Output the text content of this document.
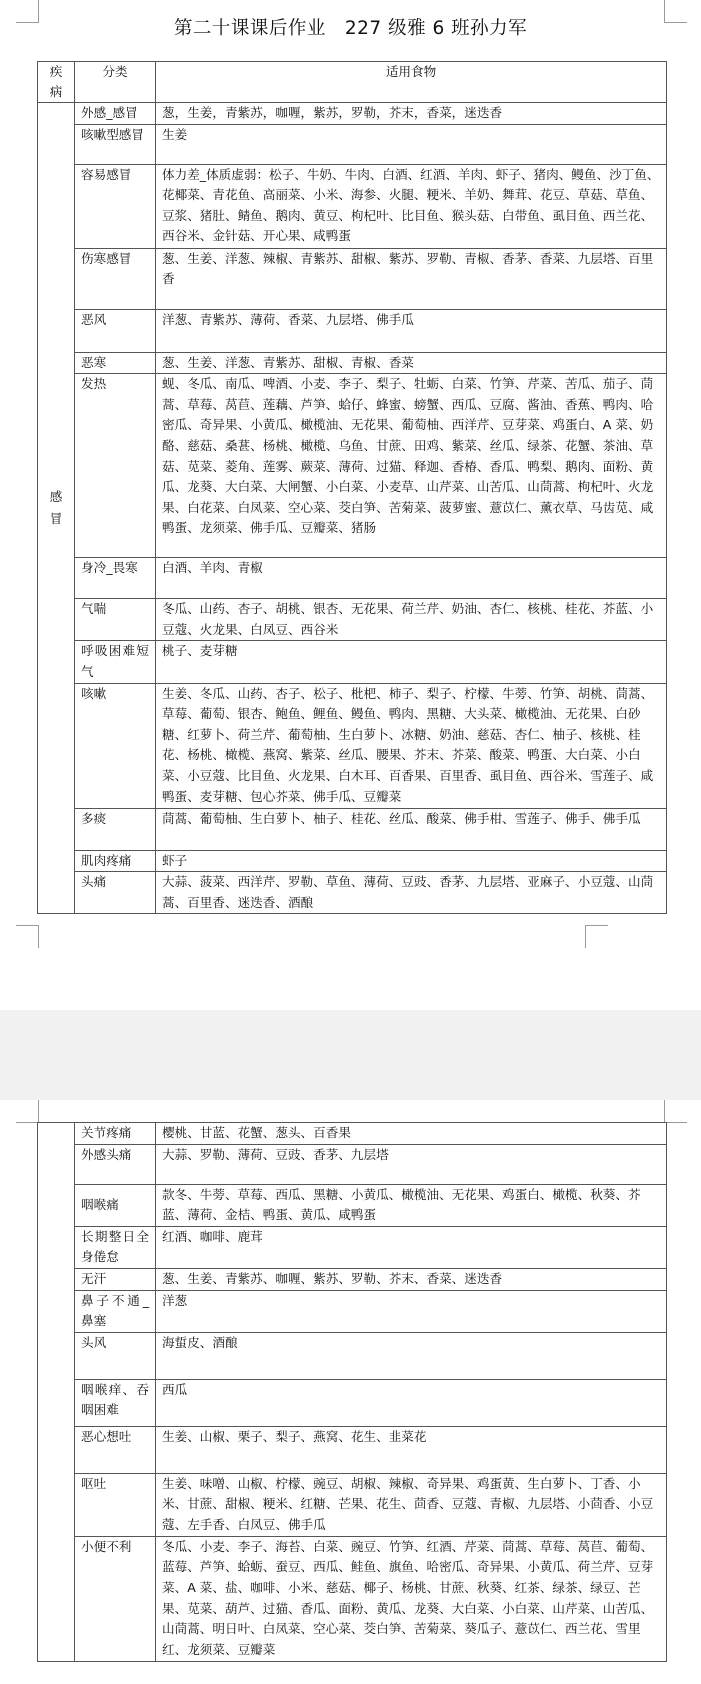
第二十课课后作业　227 级雅 6 班孙力军
疾病	分类	适用食物
感冒	外感_感冒	葱，生姜，青紫苏，咖喱，紫苏，罗勒，芥末，香菜，迷迭香
	咳嗽型感冒	生姜
	容易感冒	体力差_体质虚弱：松子、牛奶、牛肉、白酒、红酒、羊肉、虾子、猪肉、鳗鱼、沙丁鱼、花椰菜、青花鱼、高丽菜、小米、海参、火腿、粳米、羊奶、舞茸、花豆、草菇、草鱼、豆浆、猪肚、鲭鱼、鹅肉、黄豆、枸杞叶、比目鱼、猴头菇、白带鱼、虱目鱼、西兰花、西谷米、金针菇、开心果、咸鸭蛋
	伤寒感冒	葱、生姜、洋葱、辣椒、青紫苏、甜椒、紫苏、罗勒、青椒、香茅、香菜、九层塔、百里香
	恶风	洋葱、青紫苏、薄荷、香菜、九层塔、佛手瓜
	恶寒	葱、生姜、洋葱、青紫苏、甜椒、青椒、香菜
	发热	蚬、冬瓜、南瓜、啤酒、小麦、李子、梨子、牡蛎、白菜、竹笋、芹菜、苦瓜、茄子、茼蒿、草莓、莴苣、莲藕、芦笋、蛤仔、蜂蜜、螃蟹、西瓜、豆腐、酱油、香蕉、鸭肉、哈密瓜、奇异果、小黄瓜、橄榄油、无花果、葡萄柚、西洋芹、豆芽菜、鸡蛋白、A 菜、奶酪、慈菇、桑葚、杨桃、橄榄、乌鱼、甘蔗、田鸡、紫菜、丝瓜、绿茶、花蟹、茶油、草菇、苋菜、菱角、莲雾、蕨菜、薄荷、过猫、释迦、香椿、香瓜、鸭梨、鹅肉、面粉、黄瓜、龙葵、大白菜、大闸蟹、小白菜、小麦草、山芹菜、山苦瓜、山茼蒿、枸杞叶、火龙果、白花菜、白凤菜、空心菜、茭白笋、苦菊菜、菠萝蜜、薏苡仁、薰衣草、马齿苋、咸鸭蛋、龙须菜、佛手瓜、豆瓣菜、猪肠
	身冷_畏寒	白酒、羊肉、青椒
	气喘	冬瓜、山药、杏子、胡桃、银杏、无花果、荷兰芹、奶油、杏仁、核桃、桂花、芥蓝、小豆蔻、火龙果、白凤豆、西谷米
	呼吸困难短气	桃子、麦芽糖
	咳嗽	生姜、冬瓜、山药、杏子、松子、枇杷、柿子、梨子、柠檬、牛蒡、竹笋、胡桃、茼蒿、草莓、葡萄、银杏、鲍鱼、鲤鱼、鳗鱼、鸭肉、黑糖、大头菜、橄榄油、无花果、白砂糖、红萝卜、荷兰芹、葡萄柚、生白萝卜、冰糖、奶油、慈菇、杏仁、柚子、核桃、桂花、杨桃、橄榄、燕窝、紫菜、丝瓜、腰果、芥末、芥菜、酸菜、鸭蛋、大白菜、小白菜、小豆蔻、比目鱼、火龙果、白木耳、百香果、百里香、虱目鱼、西谷米、雪莲子、咸鸭蛋、麦芽糖、包心芥菜、佛手瓜、豆瓣菜
	多痰	茼蒿、葡萄柚、生白萝卜、柚子、桂花、丝瓜、酸菜、佛手柑、雪莲子、佛手、佛手瓜
	肌肉疼痛	虾子
	头痛	大蒜、菠菜、西洋芹、罗勒、草鱼、薄荷、豆豉、香茅、九层塔、亚麻子、小豆蔻、山茼蒿、百里香、迷迭香、酒酿
	关节疼痛	樱桃、甘蓝、花蟹、葱头、百香果
	外感头痛	大蒜、罗勒、薄荷、豆豉、香茅、九层塔
	咽喉痛	款冬、牛蒡、草莓、西瓜、黑糖、小黄瓜、橄榄油、无花果、鸡蛋白、橄榄、秋葵、芥蓝、薄荷、金桔、鸭蛋、黄瓜、咸鸭蛋
	长期整日全身倦怠	红酒、咖啡、鹿茸
	无汗	葱、生姜、青紫苏、咖喱、紫苏、罗勒、芥末、香菜、迷迭香
	鼻子不通_鼻塞	洋葱
	头风	海蜇皮、酒酿
	咽喉痒、吞咽困难	西瓜
	恶心想吐	生姜、山椒、栗子、梨子、燕窝、花生、韭菜花
	呕吐	生姜、味噌、山椒、柠檬、豌豆、胡椒、辣椒、奇异果、鸡蛋黄、生白萝卜、丁香、小米、甘蔗、甜椒、粳米、红糖、芒果、花生、茴香、豆蔻、青椒、九层塔、小茴香、小豆蔻、左手香、白凤豆、佛手瓜
	小便不利	冬瓜、小麦、李子、海苔、白菜、豌豆、竹笋、红酒、芹菜、茼蒿、草莓、莴苣、葡萄、蓝莓、芦笋、蛤蛎、蚕豆、西瓜、鲑鱼、旗鱼、哈密瓜、奇异果、小黄瓜、荷兰芹、豆芽菜、A 菜、盐、咖啡、小米、慈菇、椰子、杨桃、甘蔗、秋葵、红茶、绿茶、绿豆、芒果、苋菜、葫芦、过猫、香瓜、面粉、黄瓜、龙葵、大白菜、小白菜、山芹菜、山苦瓜、山茼蒿、明日叶、白凤菜、空心菜、茭白笋、苦菊菜、葵瓜子、薏苡仁、西兰花、雪里红、龙须菜、豆瓣菜
